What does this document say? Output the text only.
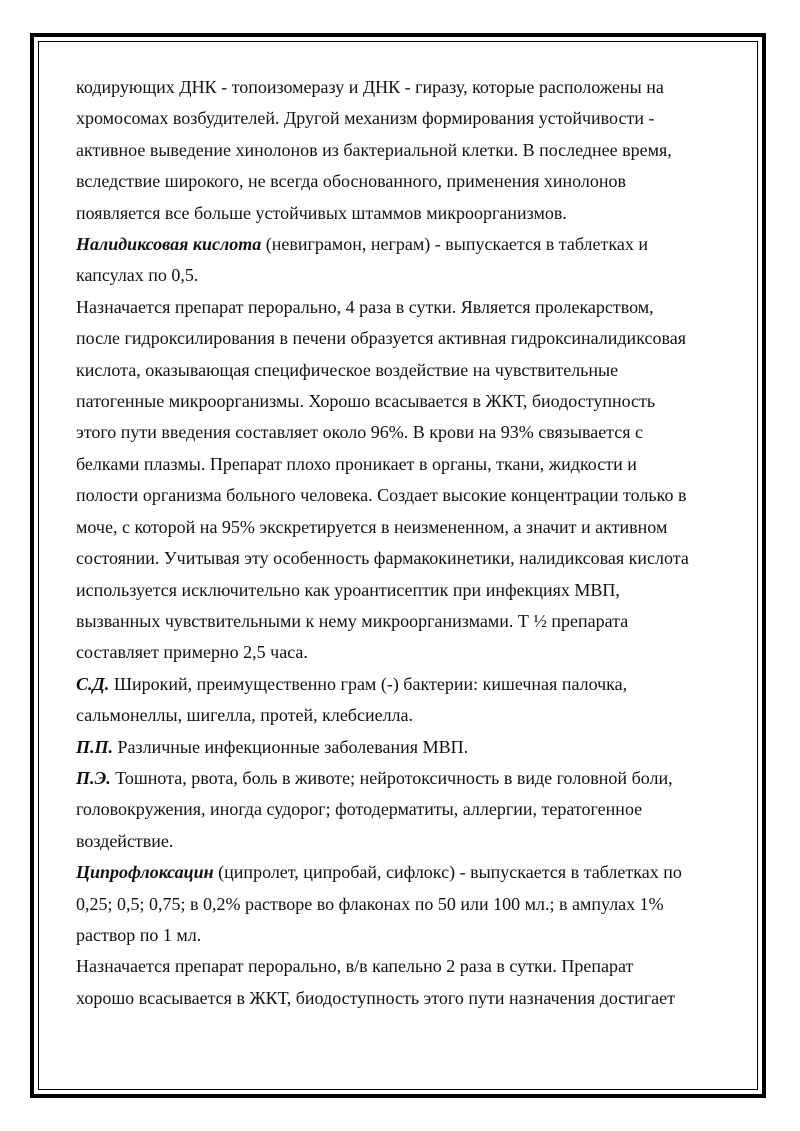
кодирующих ДНК - топоизомеразу и ДНК - гиразу, которые расположены на
хромосомах возбудителей. Другой механизм формирования устойчивости -
активное выведение хинолонов из бактериальной клетки. В последнее время,
вследствие широкого, не всегда обоснованного, применения хинолонов
появляется все больше устойчивых штаммов микроорганизмов.

Налидиксовая кислота (невиграмон, неграм) - выпускается в таблетках и
капсулах по 0,5.

Назначается препарат перорально, 4 раза в сутки. Является пролекарством,
после гидроксилирования в печени образуется активная гидроксиналидиксовая
кислота, оказывающая специфическое воздействие на чувствительные
патогенные микроорганизмы. Хорошо всасывается в ЖКТ, биодоступность
этого пути введения составляет около 96%. В крови на 93% связывается с
белками плазмы. Препарат плохо проникает в органы, ткани, жидкости и
полости организма больного человека. Создает высокие концентрации только в
моче, с которой на 95% экскретируется в неизмененном, а значит и активном
состоянии. Учитывая эту особенность фармакокинетики, налидиксовая кислота
используется исключительно как уроантисептик при инфекциях МВП,
вызванных чувствительными к нему микроорганизмами. Т ½ препарата
составляет примерно 2,5 часа.

С.Д. Широкий, преимущественно грам (-) бактерии: кишечная палочка,
сальмонеллы, шигелла, протей, клебсиелла.

П.П. Различные инфекционные заболевания МВП.

П.Э. Тошнота, рвота, боль в животе; нейротоксичность в виде головной боли,
головокружения, иногда судорог; фотодерматиты, аллергии, тератогенное
воздействие.

Ципрофлоксацин (ципролет, ципробай, сифлокс) - выпускается в таблетках по
0,25; 0,5; 0,75; в 0,2% растворе во флаконах по 50 или 100 мл.; в ампулах 1%
раствор по 1 мл.

Назначается препарат перорально, в/в капельно 2 раза в сутки. Препарат
хорошо всасывается в ЖКТ, биодоступность этого пути назначения достигает
